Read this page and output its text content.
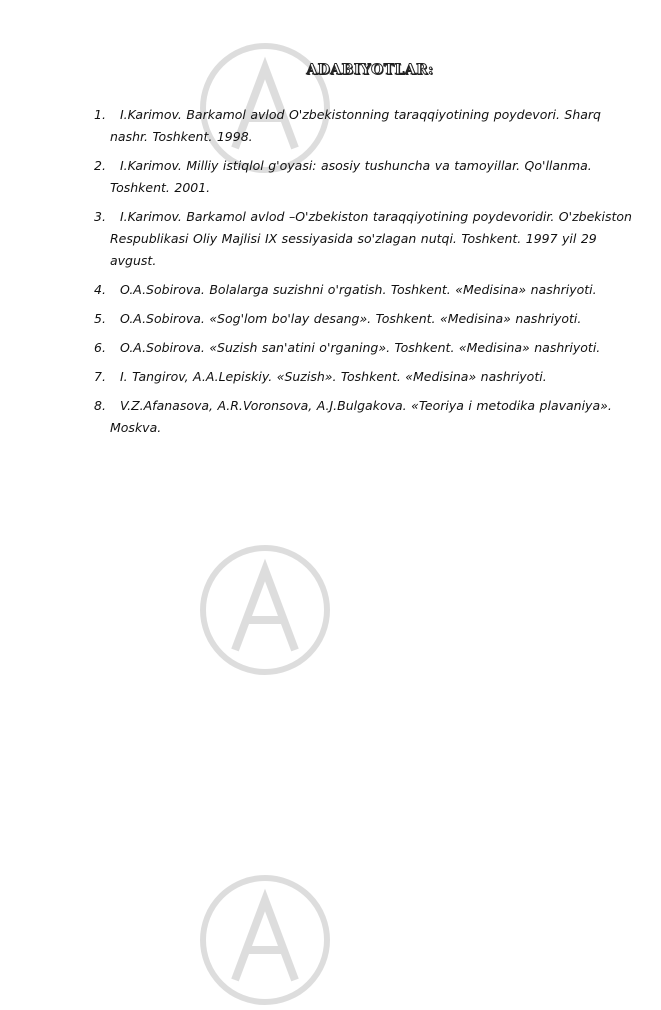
ADABIYOTLAR:
1. I.Karimov. Barkamol avlod O'zbekistonning taraqqiyotining poydevori. Sharq nashr. Toshkent. 1998.
2. I.Karimov. Milliy istiqlol g'oyasi: asosiy tushuncha va tamoyillar. Qo'llanma. Toshkent. 2001.
3. I.Karimov. Barkamol avlod –O'zbekiston taraqqiyotining poydevoridir. O'zbekiston Respublikasi Oliy Majlisi IX sessiyasida so'zlagan nutqi. Toshkent. 1997 yil 29 avgust.
4. O.A.Sobirova. Bolalarga suzishni o'rgatish. Toshkent. «Medisina» nashriyoti.
5. O.A.Sobirova. «Sog'lom bo'lay desang». Toshkent. «Medisina» nashriyoti.
6. O.A.Sobirova. «Suzish san'atini o'rganing». Toshkent. «Medisina» nashriyoti.
7. I. Tangirov, A.A.Lepiskiy. «Suzish». Toshkent. «Medisina» nashriyoti.
8. V.Z.Afanasova, A.R.Voronsova, A.J.Bulgakova. «Teoriya i metodika plavaniya». Moskva.
